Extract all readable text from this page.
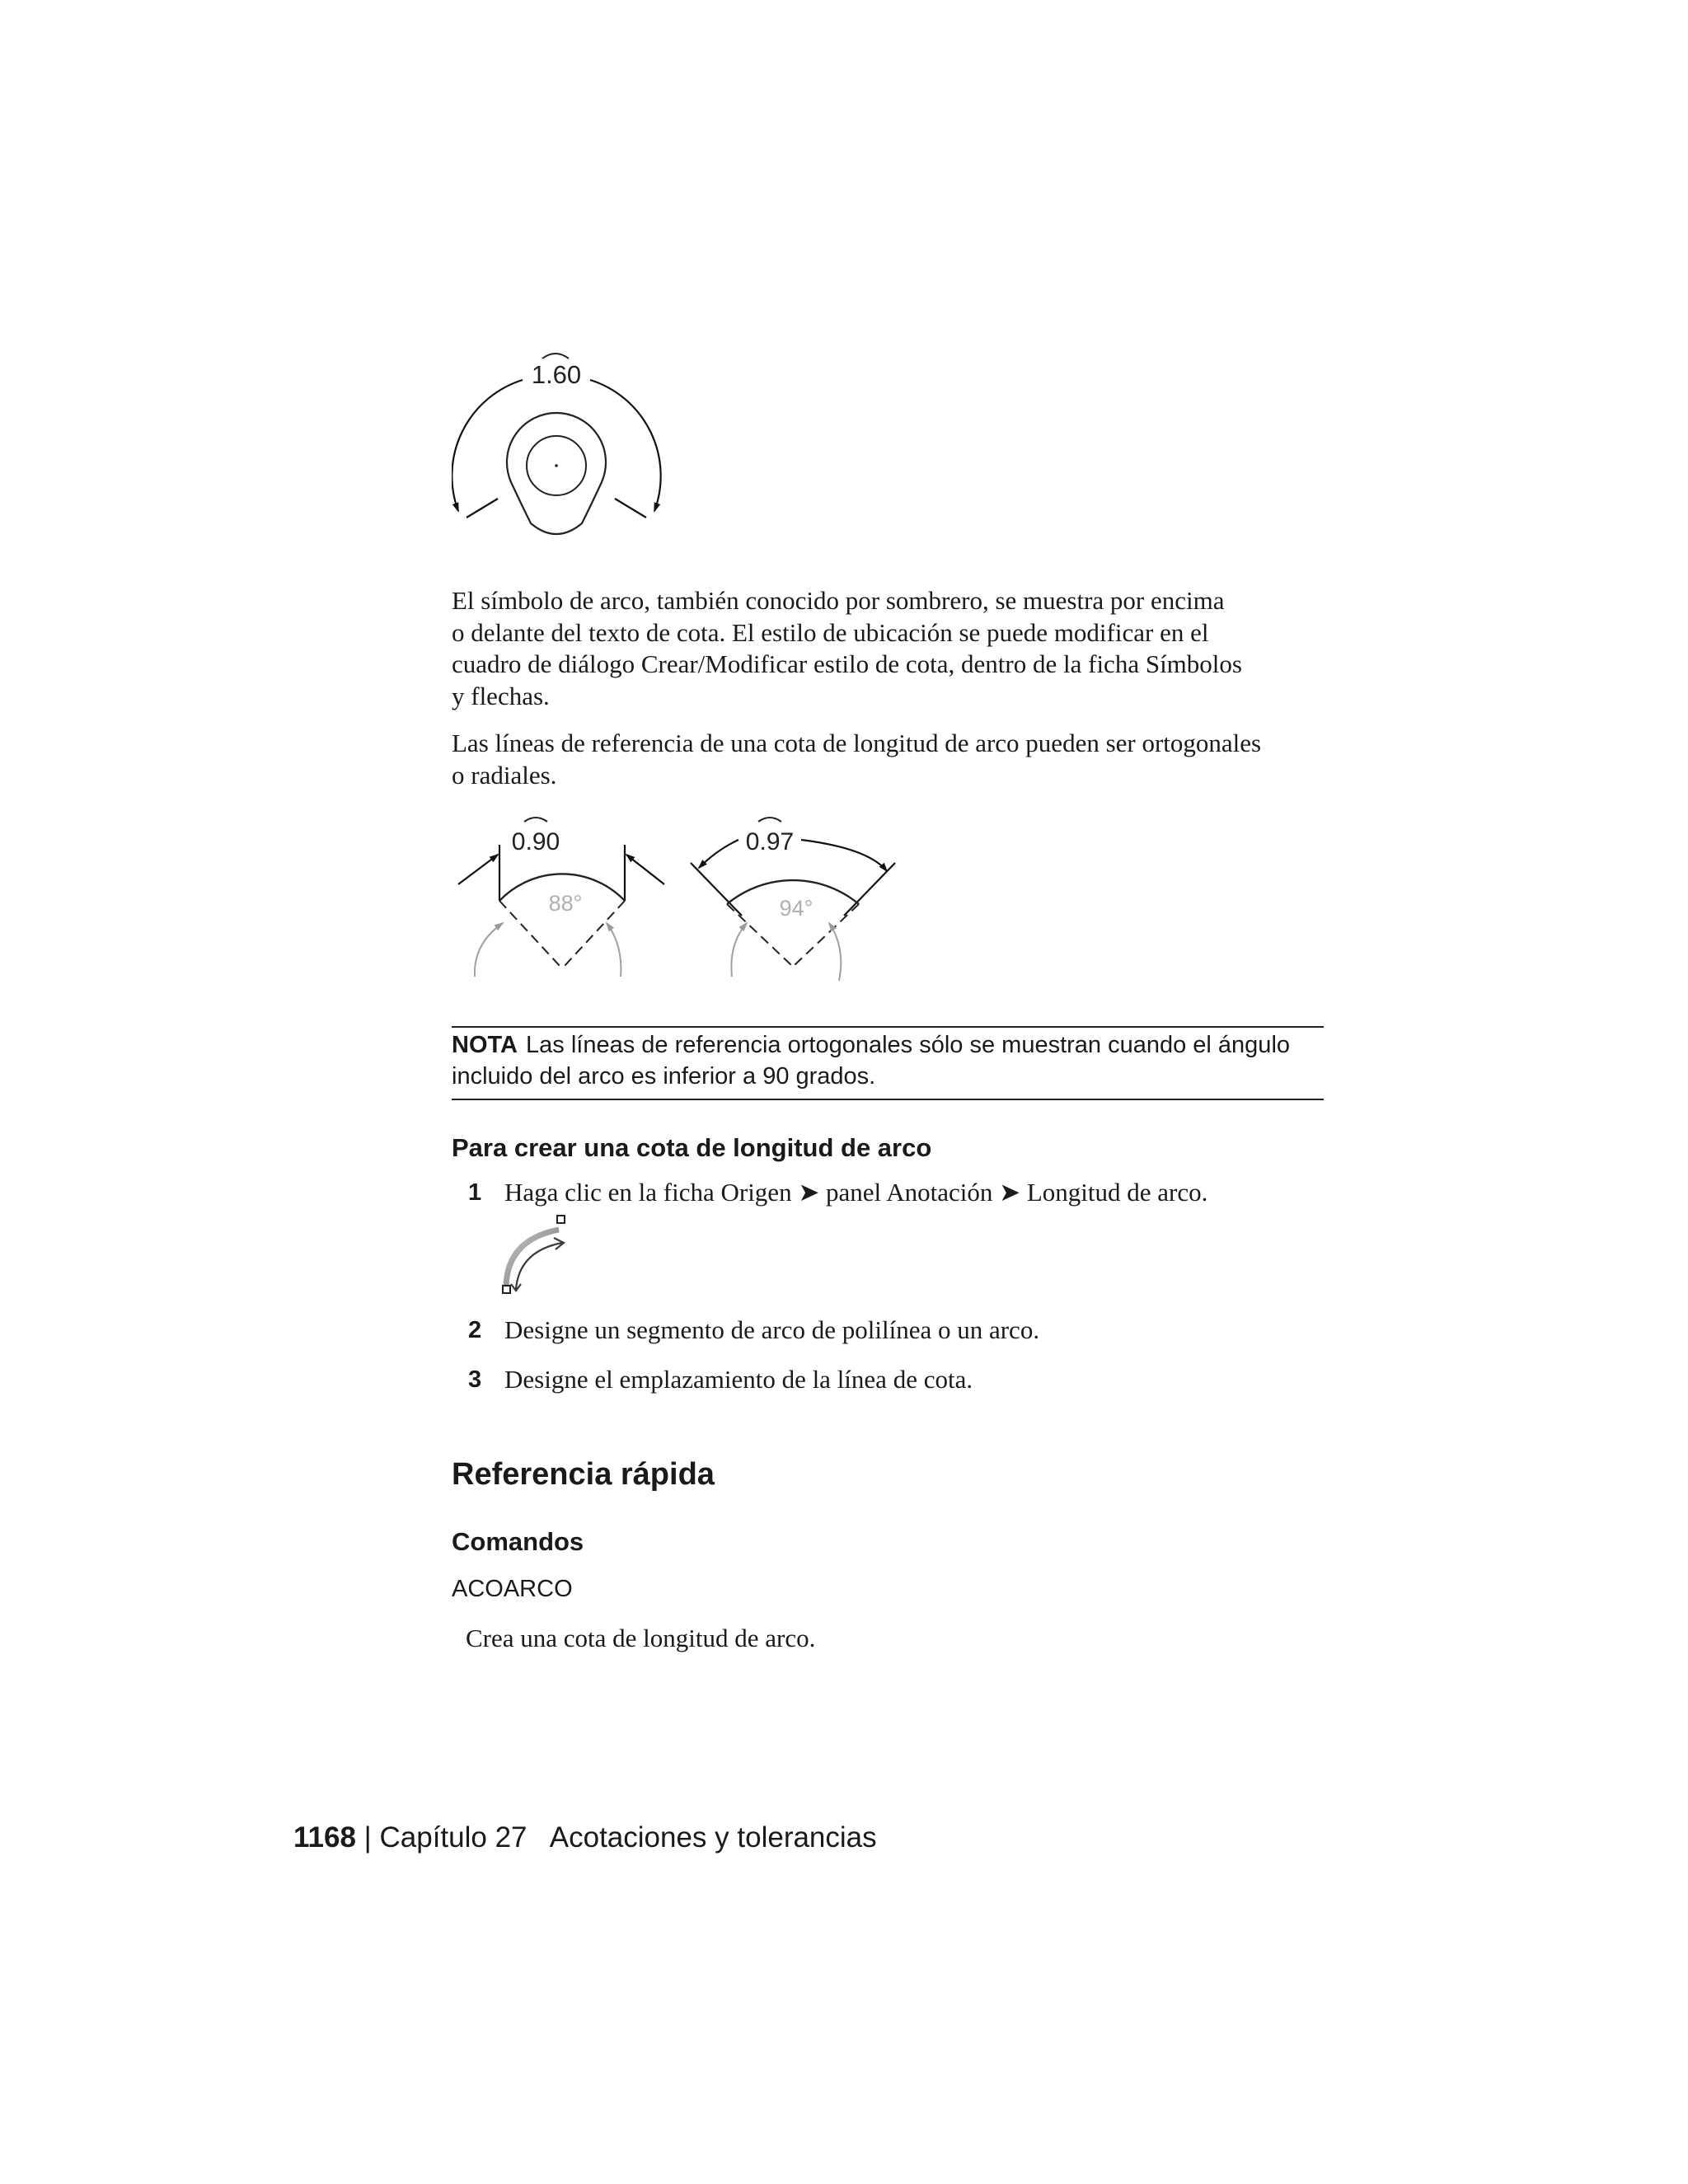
1.60

El símbolo de arco, también conocido por sombrero, se muestra por encima
o delante del texto de cota. El estilo de ubicación se puede modificar en el
cuadro de diálogo Crear/Modificar estilo de cota, dentro de la ficha Símbolos
y flechas.

Las líneas de referencia de una cota de longitud de arco pueden ser ortogonales
o radiales.

0.90
88°
0.97
94°
NOTA Las líneas de referencia ortogonales sólo se muestran cuando el ángulo
incluido del arco es inferior a 90 grados.
Para crear una cota de longitud de arco
1 Haga clic en la ficha Origen ➤ panel Anotación ➤ Longitud de arco.
2 Designe un segmento de arco de polilínea o un arco.
3 Designe el emplazamiento de la línea de cota.
Referencia rápida
Comandos
ACOARCO
Crea una cota de longitud de arco.
1168 | Capítulo 27 Acotaciones y tolerancias
